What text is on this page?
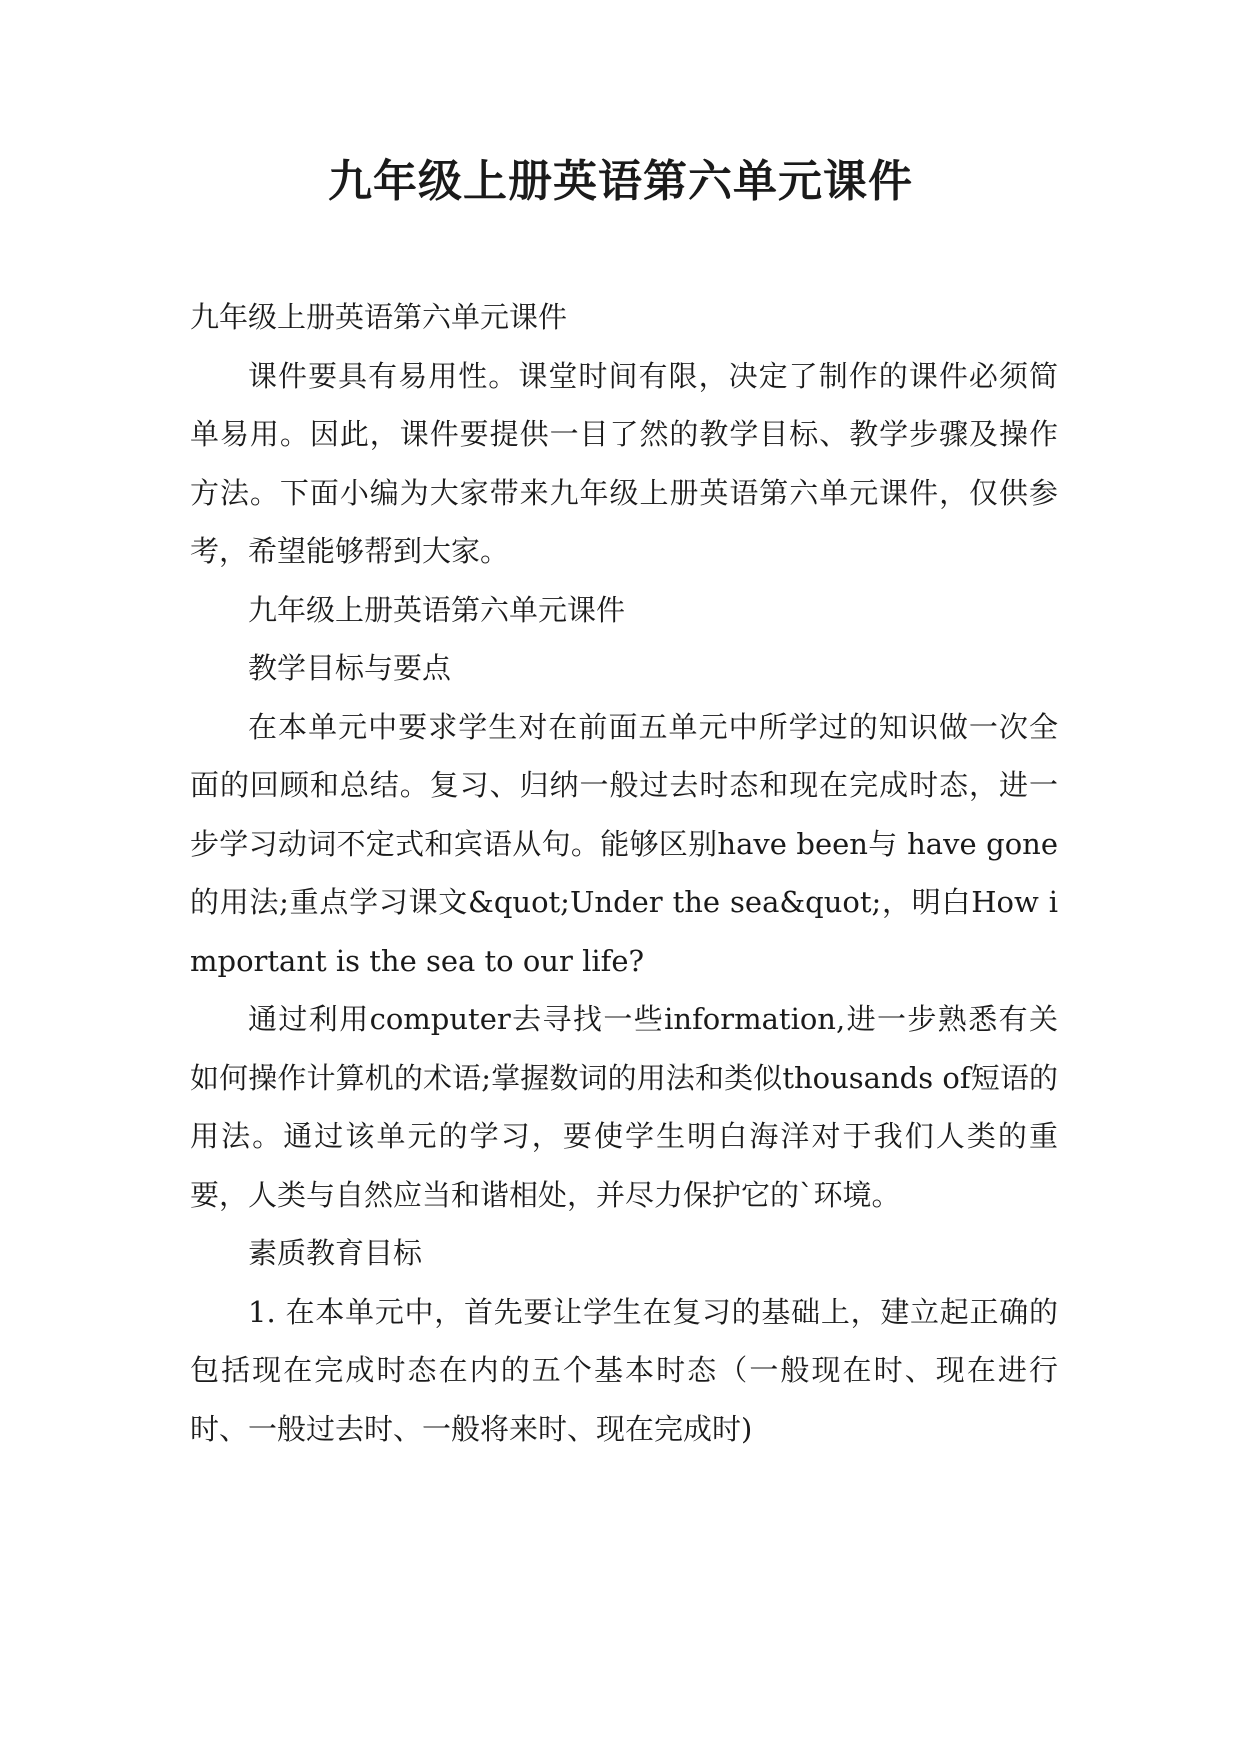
九年级上册英语第六单元课件

九年级上册英语第六单元课件

课件要具有易用性。课堂时间有限，决定了制作的课件必须简单易用。因此，课件要提供一目了然的教学目标、教学步骤及操作方法。下面小编为大家带来九年级上册英语第六单元课件，仅供参考，希望能够帮到大家。

九年级上册英语第六单元课件

教学目标与要点

在本单元中要求学生对在前面五单元中所学过的知识做一次全面的回顾和总结。复习、归纳一般过去时态和现在完成时态，进一步学习动词不定式和宾语从句。能够区别have been与 have gone的用法;重点学习课文&quot;Under the sea&quot;，明白How important is the sea to our life?

通过利用computer去寻找一些information,进一步熟悉有关如何操作计算机的术语;掌握数词的用法和类似thousands of短语的用法。通过该单元的学习，要使学生明白海洋对于我们人类的重要，人类与自然应当和谐相处，并尽力保护它的`环境。

素质教育目标

1. 在本单元中，首先要让学生在复习的基础上，建立起正确的包括现在完成时态在内的五个基本时态（一般现在时、现在进行时、一般过去时、一般将来时、现在完成时)
